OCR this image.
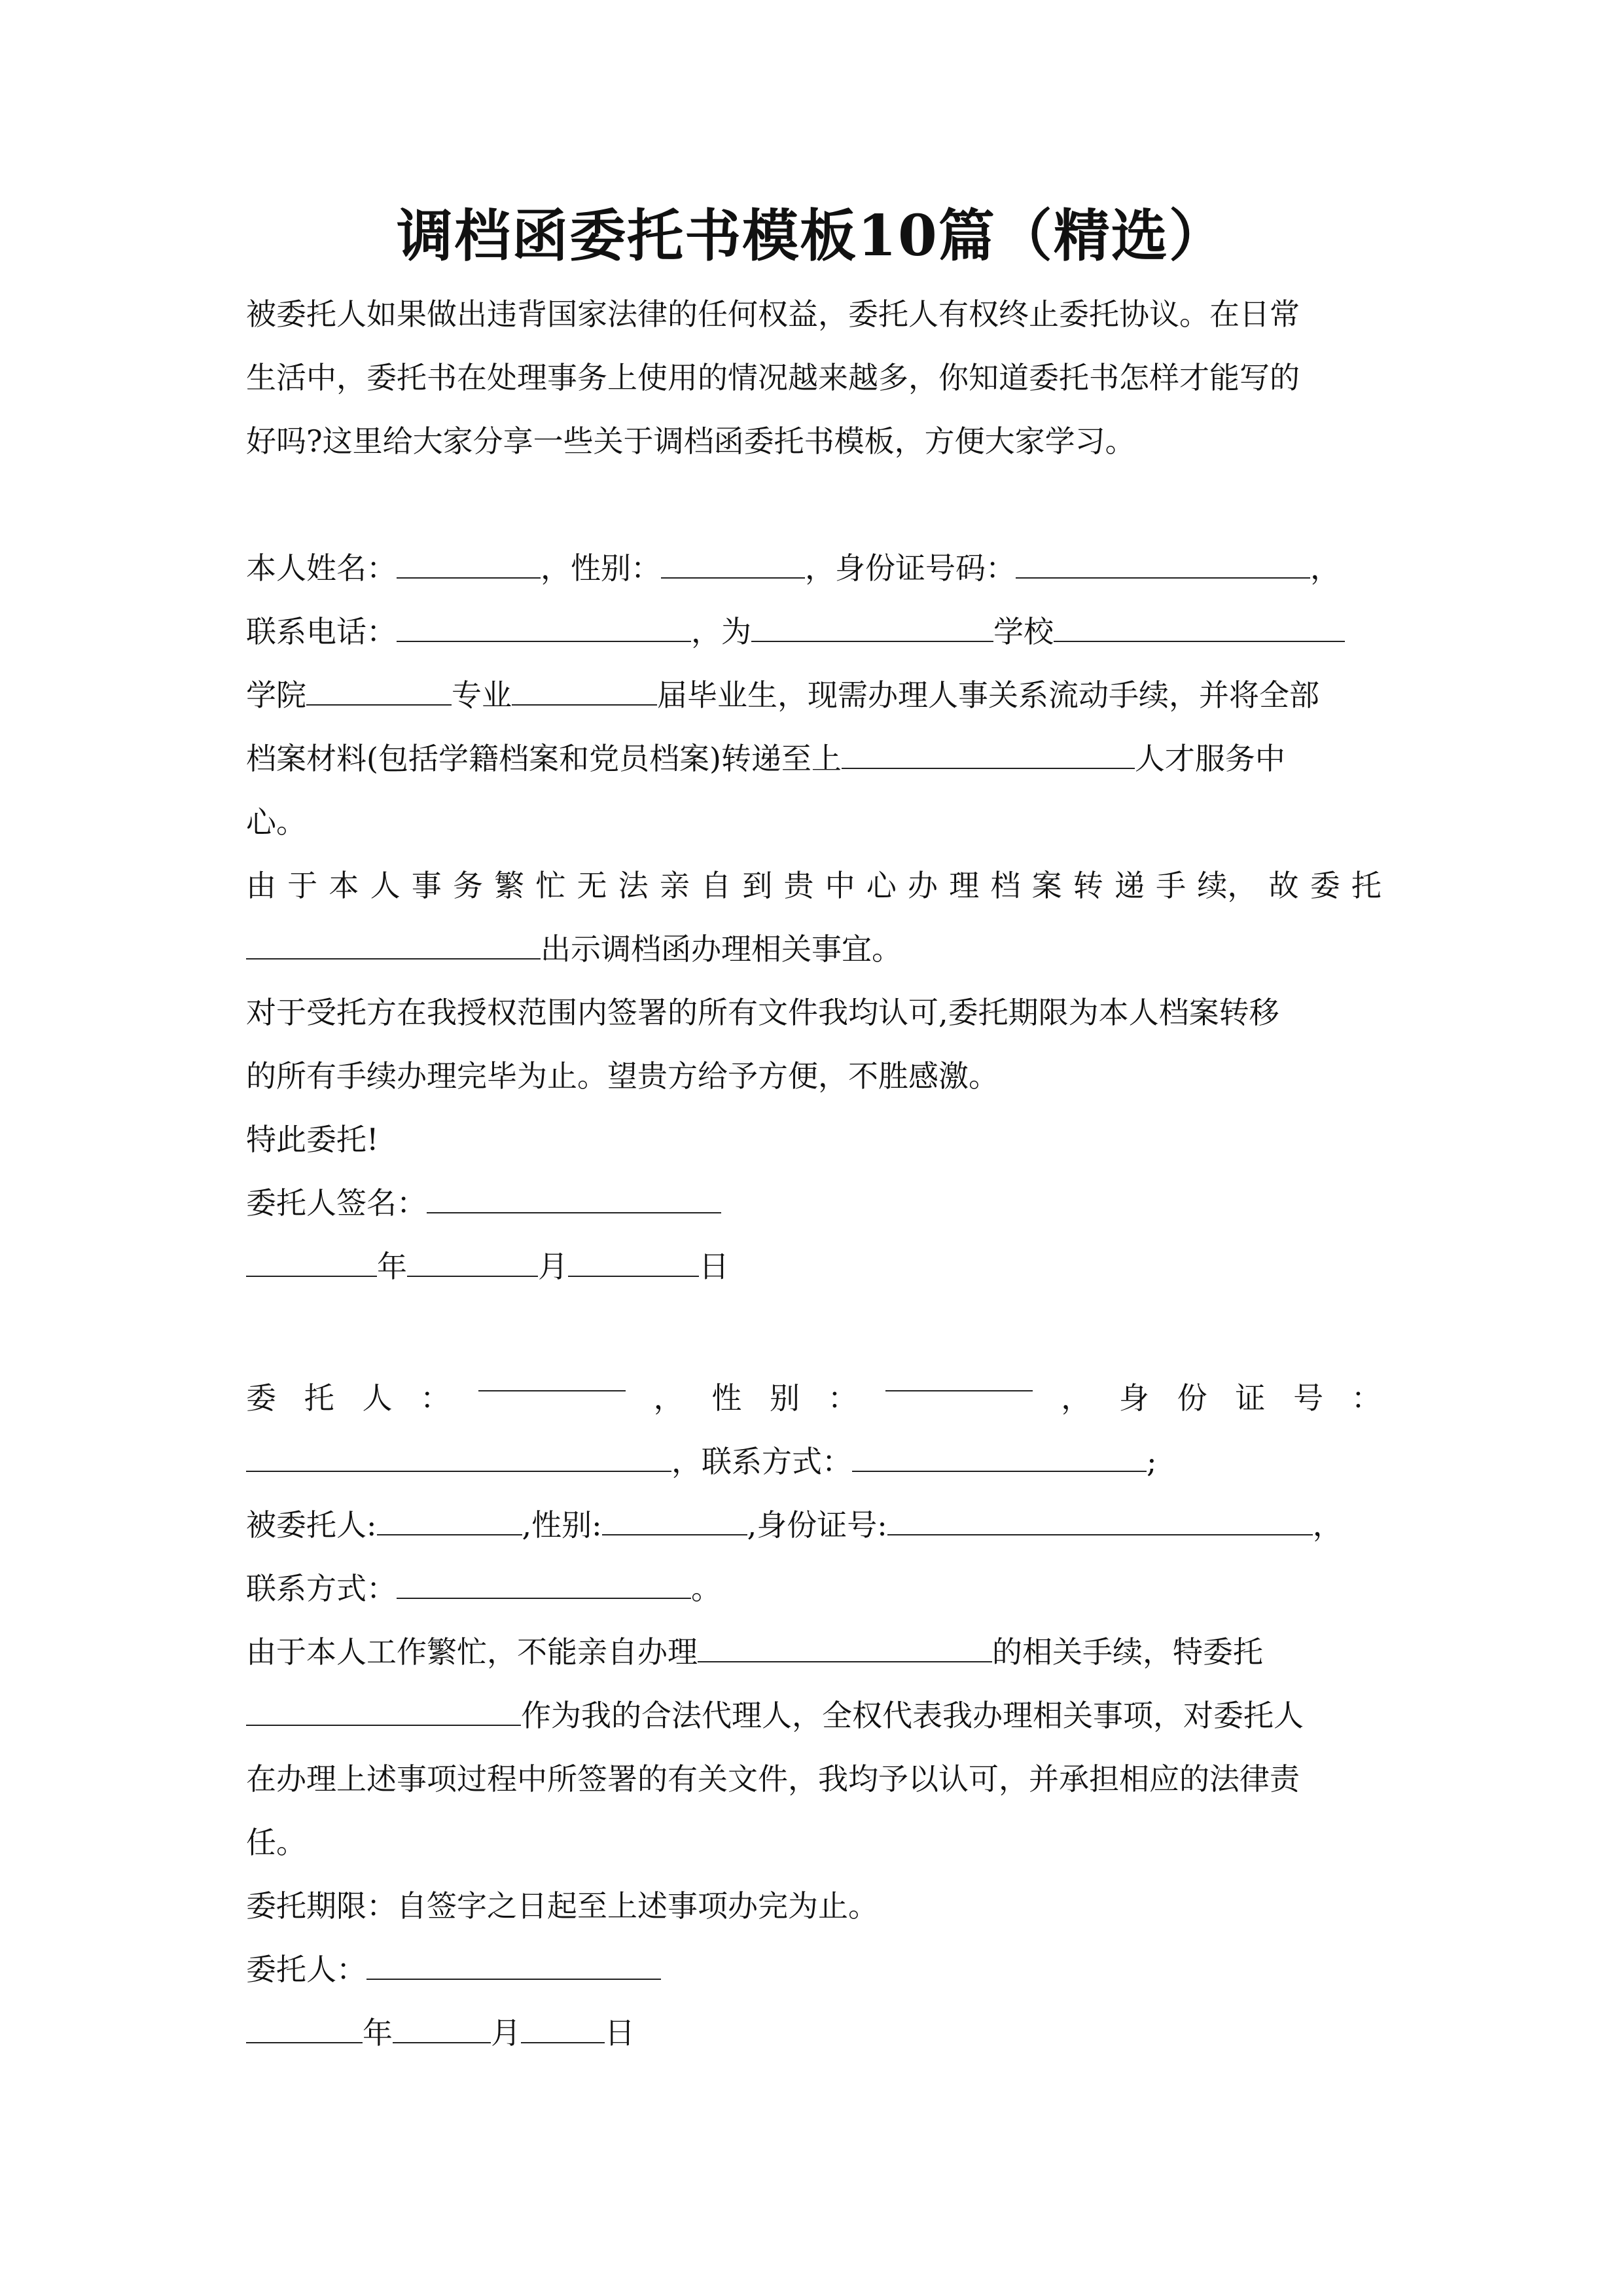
调档函委托书模板10篇（精选）
被委托人如果做出违背国家法律的任何权益，委托人有权终止委托协议。在日常
生活中，委托书在处理事务上使用的情况越来越多，你知道委托书怎样才能写的
好吗?这里给大家分享一些关于调档函委托书模板，方便大家学习。
本人姓名：	，性别：	，身份证号码：	，
联系电话：	，为	学校
学院	专业	届毕业生，现需办理人事关系流动手续，并将全部
档案材料(包括学籍档案和党员档案)转递至上	人才服务中
心。
由 于 本 人 事 务 繁 忙 无 法 亲 自 到 贵 中 心 办 理 档 案 转 递 手 续， 故 委 托
出示调档函办理相关事宜。
对于受托方在我授权范围内签署的所有文件我均认可,委托期限为本人档案转移
的所有手续办理完毕为止。望贵方给予方便，不胜感激。
特此委托!
委托人签名：
年	月	日
委 托 人 ：	， 性 别 ：	， 身 份 证 号 ：
，联系方式：	;
被委托人:	,性别:	,身份证号:	，
联系方式：	。
由于本人工作繁忙，不能亲自办理	的相关手续，特委托
作为我的合法代理人，全权代表我办理相关事项，对委托人
在办理上述事项过程中所签署的有关文件，我均予以认可，并承担相应的法律责
任。
委托期限：自签字之日起至上述事项办完为止。
委托人：
年	月	日
